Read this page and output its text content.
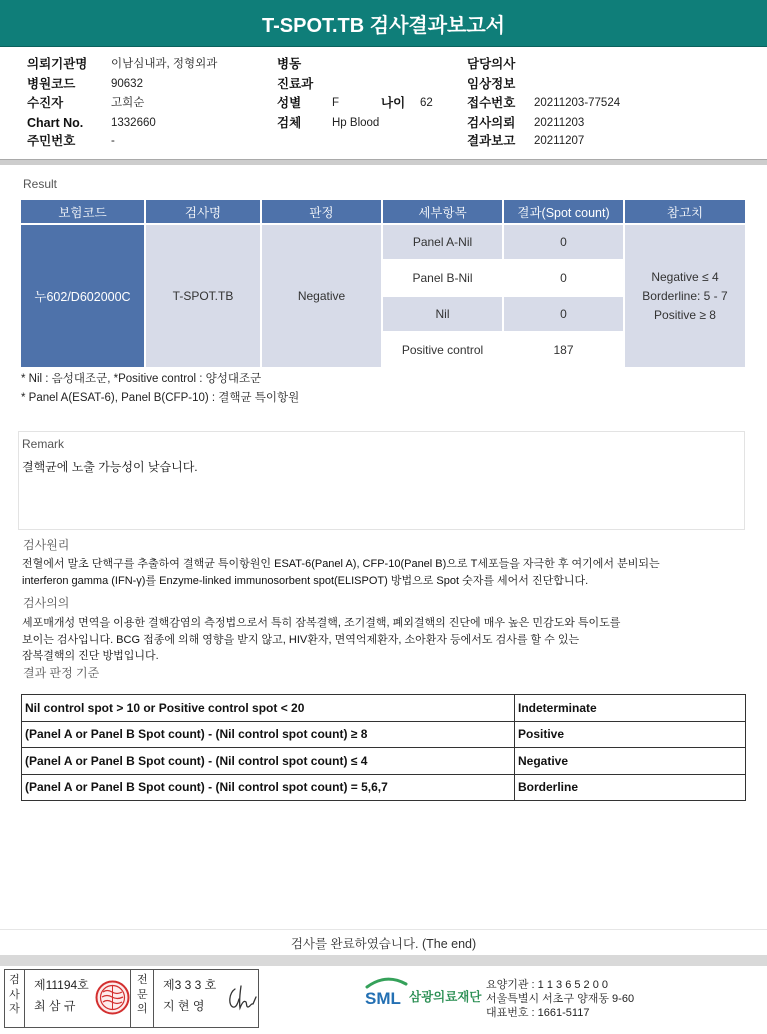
T-SPOT.TB 검사결과보고서
의뢰기관명 이남심내과, 정형외과
병원코드	90632
수진자	고희순
Chart No. 1332660
주민번호	-
병동
진료과
성별	F	나이 62
검체	Hp Blood
담당의사
임상정보
접수번호 20211203-77524
검사의뢰 20211203
결과보고 20211207
Result
보험코드	검사명	판정	세부항목	결과(Spot count)	참고치
누602/D602000C	T-SPOT.TB	Negative
Panel A-Nil	0
Panel B-Nil	0
Nil	0
Positive control	187
Negative ≤ 4
Borderline: 5 - 7
Positive ≥ 8
* Nil : 음성대조군, *Positive control : 양성대조군
* Panel A(ESAT-6), Panel B(CFP-10) : 결핵균 특이항원
Remark
결핵균에 노출 가능성이 낮습니다.
검사원리
전혈에서 말초 단핵구를 추출하여 결핵균 특이항원인 ESAT-6(Panel A), CFP-10(Panel B)으로 T세포들을 자극한 후 여기에서 분비되는
interferon gamma (IFN-γ)를 Enzyme-linked immunosorbent spot(ELISPOT) 방법으로 Spot 숫자를 세어서 진단합니다.
검사의의
세포매개성 면역을 이용한 결핵감염의 측정법으로서 특히 잠복결핵, 조기결핵, 폐외결핵의 진단에 매우 높은 민감도와 특이도를
보이는 검사입니다. BCG 접종에 의해 영향을 받지 않고, HIV환자, 면역억제환자, 소아환자 등에서도 검사를 할 수 있는
잠복결핵의 진단 방법입니다.
결과 판정 기준
Nil control spot > 10 or Positive control spot < 20	Indeterminate
(Panel A or Panel B Spot count) - (Nil control spot count) ≥ 8	Positive
(Panel A or Panel B Spot count) - (Nil control spot count) ≤ 4	Negative
(Panel A or Panel B Spot count) - (Nil control spot count) = 5,6,7	Borderline
검사를 완료하였습니다. (The end)
검사자
제11194호
최 삼 규
전문의
제3 3 3 호
지 현 영	SML 삼광의료재단
요양기관 : 1 1 3 6 5 2 0 0
서울특별시 서초구 양재동 9-60
대표번호 : 1661-5117
